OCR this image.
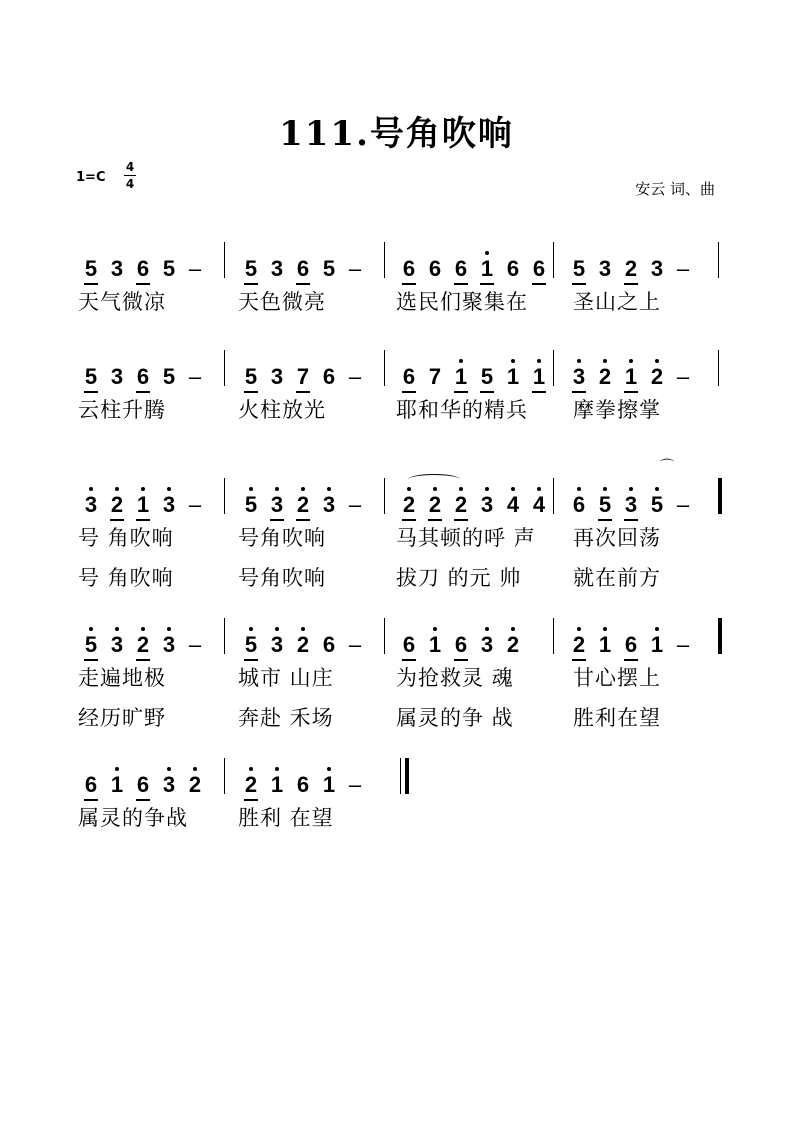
111.号角吹响
1=C
4
4	安云 词、曲
5 3 6 5 –	5 3 6 5 –	6 6 6 1 6 6	5 3 2 3 –
天气微凉	天色微亮	选民们聚集在 圣山之上
5 3 6 5 –	5 3 7 6 –	6 7 1 5 1 1	3 2 1 2 –
云柱升腾	火柱放光	耶和华的精兵 摩拳擦掌
3 2 1 3 –	5 3 2 3 –	2 2 2 3 4 4	6 5 3 5 –
号 角吹响	号角吹响	马其顿的呼 声 再次回荡
号 角吹响	号角吹响	拔刀 的元 帅 就在前方
⌒
5 3 2 3 –	5 3 2 6 –	6 1 6 3 2	2 1 6 1 –
走遍地极	城市 山庄	为抢救灵 魂	甘心摆上
经历旷野	奔赴 禾场	属灵的争 战	胜利在望
6 1 6 3 2	2 1 6 1 –
属灵的争战 胜利 在望
